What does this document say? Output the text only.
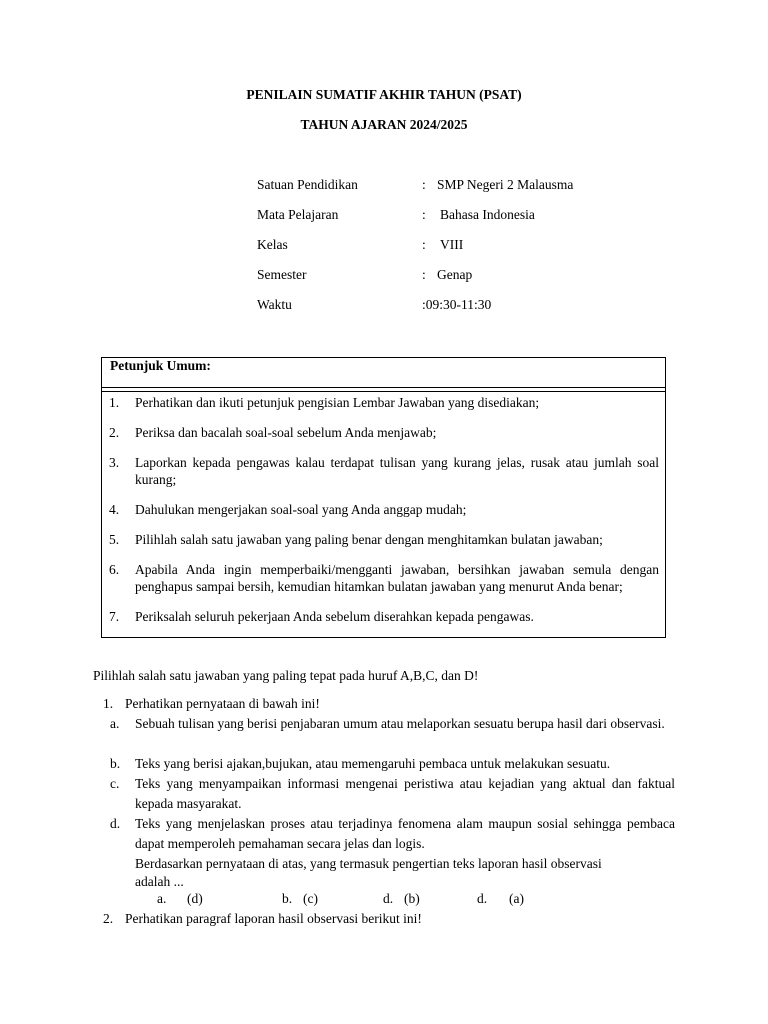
PENILAIN SUMATIF AKHIR TAHUN (PSAT)
TAHUN AJARAN 2024/2025
Satuan Pendidikan	: SMP Negeri 2 Malausma
Mata Pelajaran	: Bahasa Indonesia
Kelas	: VIII
Semester	: Genap
Waktu	:09:30-11:30
Petunjuk Umum:
1. Perhatikan dan ikuti petunjuk pengisian Lembar Jawaban yang disediakan;
2. Periksa dan bacalah soal-soal sebelum Anda menjawab;
3. Laporkan kepada pengawas kalau terdapat tulisan yang kurang jelas, rusak atau jumlah soal kurang;
4. Dahulukan mengerjakan soal-soal yang Anda anggap mudah;
5. Pilihlah salah satu jawaban yang paling benar dengan menghitamkan bulatan jawaban;
6. Apabila Anda ingin memperbaiki/mengganti jawaban, bersihkan jawaban semula dengan penghapus sampai bersih, kemudian hitamkan bulatan jawaban yang menurut Anda benar;
7. Periksalah seluruh pekerjaan Anda sebelum diserahkan kepada pengawas.
Pilihlah salah satu jawaban yang paling tepat pada huruf A,B,C, dan D!
1. Perhatikan pernyataan di bawah ini!
a. Sebuah tulisan yang berisi penjabaran umum atau melaporkan sesuatu berupa hasil dari observasi.
b. Teks yang berisi ajakan,bujukan, atau memengaruhi pembaca untuk melakukan sesuatu.
c. Teks yang menyampaikan informasi mengenai peristiwa atau kejadian yang aktual dan faktual kepada masyarakat.
d. Teks yang menjelaskan proses atau terjadinya fenomena alam maupun sosial sehingga pembaca dapat memperoleh pemahaman secara jelas dan logis.
Berdasarkan pernyataan di atas, yang termasuk pengertian teks laporan hasil observasi
adalah ...
a. (d)	b. (c)	d. (b)	d. (a)
2. Perhatikan paragraf laporan hasil observasi berikut ini!
